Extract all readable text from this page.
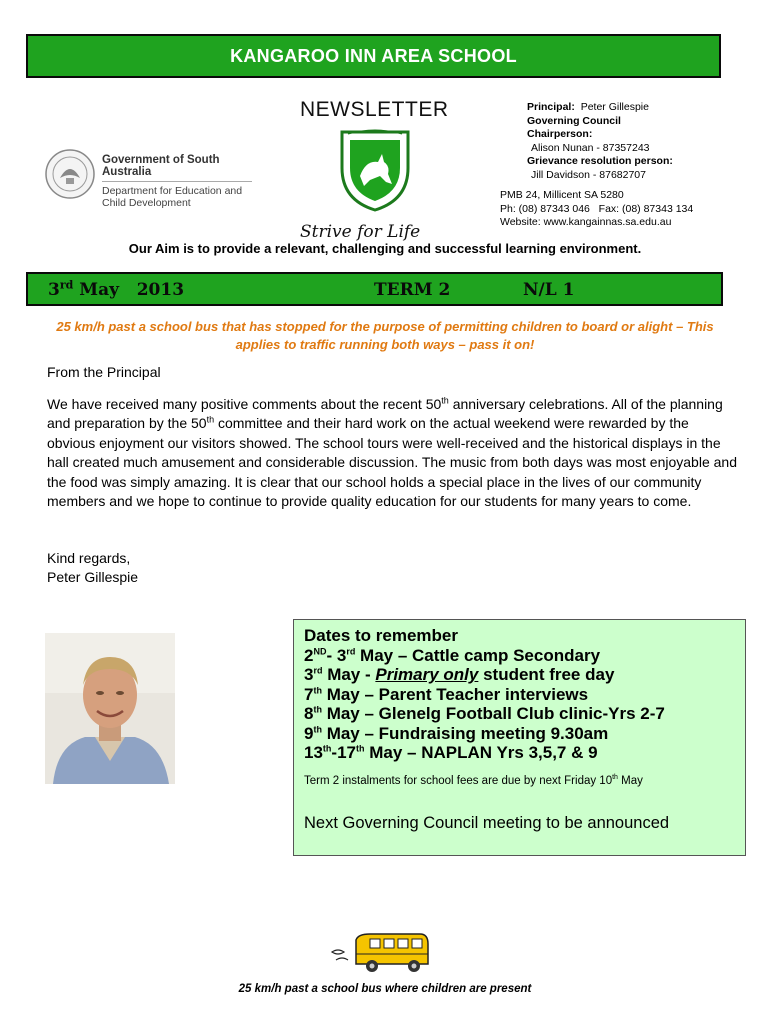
KANGAROO INN AREA SCHOOL
Government of South Australia
Department for Education and
Child Development
NEWSLETTER
Strive for Life
Principal: Peter Gillespie
Governing Council
Chairperson:
Alison Nunan - 87357243
Grievance resolution person:
Jill Davidson - 87682707
PMB 24, Millicent SA 5280
Ph: (08) 87343 046   Fax: (08) 87343 134
Website: www.kangainnas.sa.edu.au
Our Aim is to provide a relevant, challenging and successful learning environment.
3rd May   2013	TERM 2	N/L 1
25 km/h past a school bus that has stopped for the purpose of permitting children to board or alight – This applies to traffic running both ways – pass it on!

From the Principal

We have received many positive comments about the recent 50th anniversary celebrations. All of the planning and preparation by the 50th committee and their hard work on the actual weekend were rewarded by the obvious enjoyment our visitors showed. The school tours were well-received and the historical displays in the hall created much amusement and considerable discussion. The music from both days was most enjoyable and the food was simply amazing. It is clear that our school holds a special place in the lives of our community members and we hope to continue to provide quality education for our students for many years to come.

Kind regards,

Peter Gillespie

Dates to remember
2ND- 3rd May – Cattle camp Secondary
3rd May - Primary only student free day
7th May – Parent Teacher interviews
8th May – Glenelg Football Club clinic-Yrs 2-7
9th May – Fundraising meeting 9.30am
13th-17th May – NAPLAN Yrs 3,5,7 & 9
Term 2 instalments for school fees are due by next Friday 10th May
Next Governing Council meeting to be announced
25 km/h past a school bus where children are present
